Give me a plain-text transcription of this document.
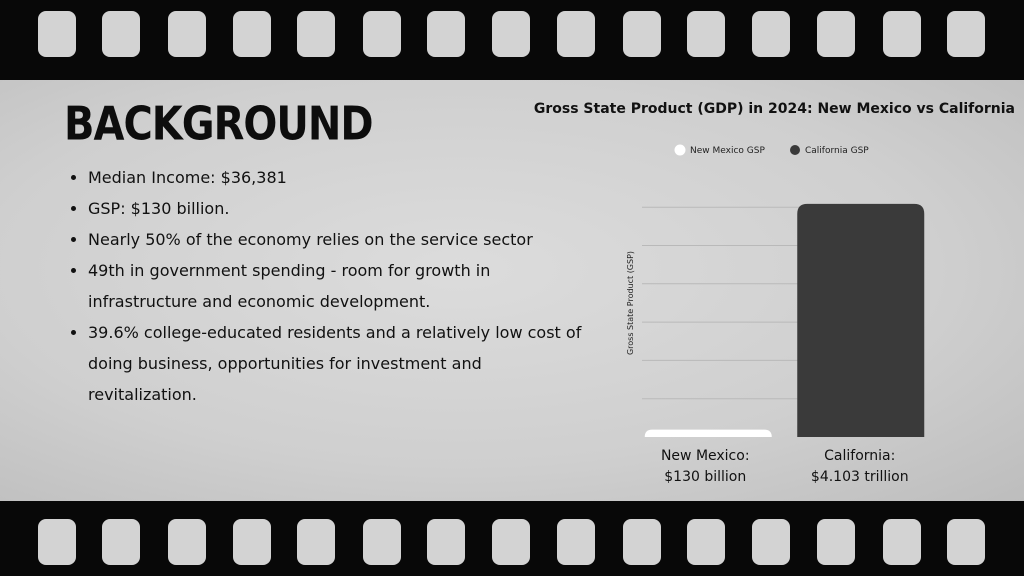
BACKGROUND
• Median Income: $36,381
• GSP: $130 billion.
• Nearly 50% of the economy relies on the service sector
• 49th in government spending - room for growth in infrastructure and economic development.
• 39.6% college-educated residents and a relatively low cost of doing business, opportunities for investment and revitalization.
Gross State Product (GDP) in 2024: New Mexico vs California
New Mexico GSP	California GSP
New Mexico:
$130 billion
California:
$4.103 trillion
Gross State Product (GSP)
